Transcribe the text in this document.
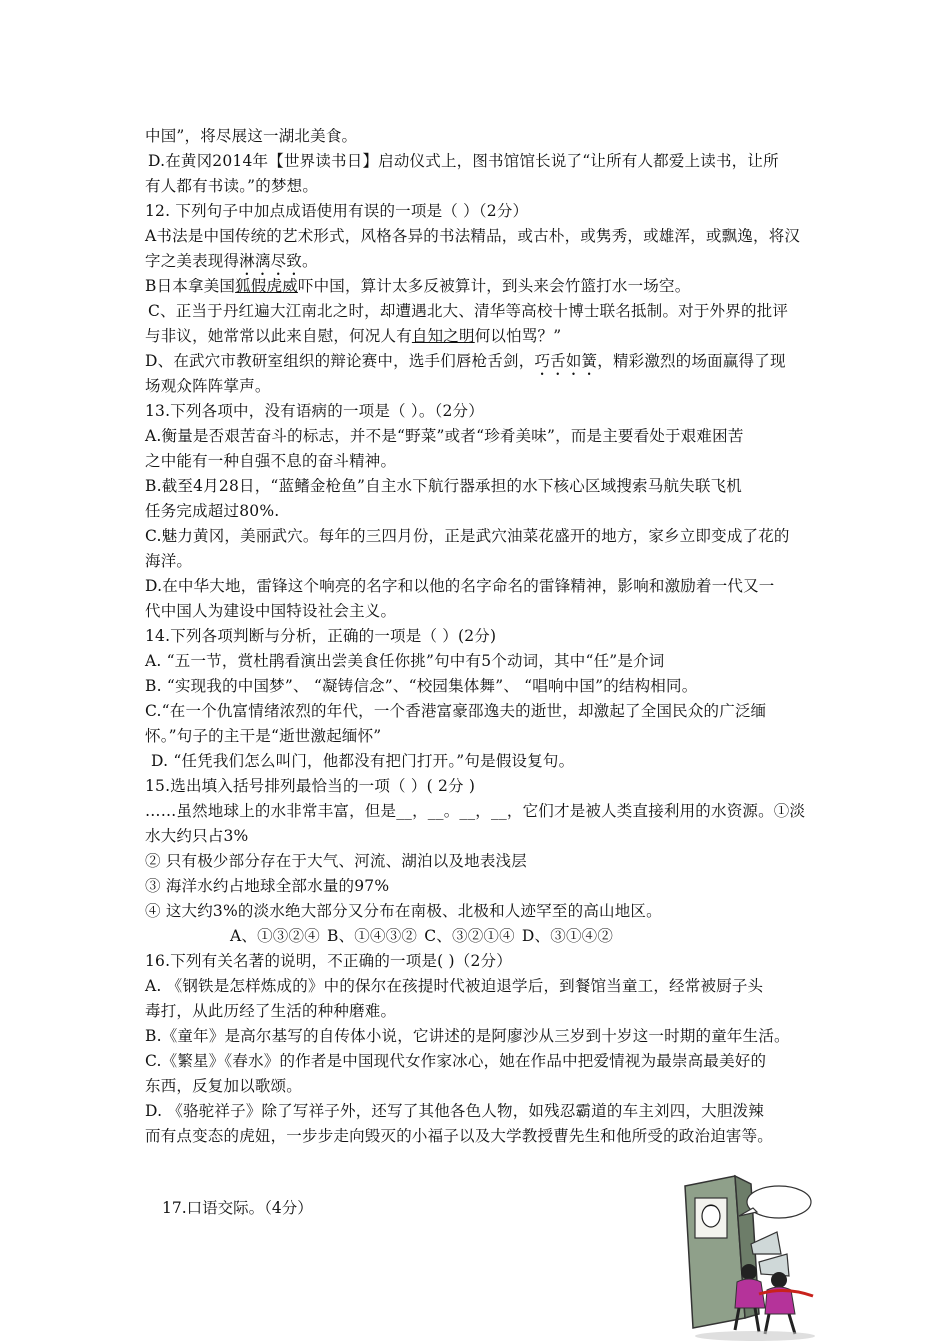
中国”，将尽展这一湖北美食。
D.在黄冈2014年【世界读书日】启动仪式上，图书馆馆长说了“让所有人都爱上读书，让所
有人都有书读。”的梦想。
12. 下列句子中加点成语使用有误的一项是（ ）（2分）
A书法是中国传统的艺术形式，风格各异的书法精品，或古朴，或隽秀，或雄浑，或飘逸，将汉
字之美表现得淋漓尽致。
B日本拿美国狐假虎威吓中国，算计太多反被算计，到头来会竹篮打水一场空。
C、正当于丹红遍大江南北之时，却遭遇北大、清华等高校十博士联名抵制。对于外界的批评
与非议，她常常以此来自慰，何况人有自知之明何以怕骂？”
D、在武穴市教研室组织的辩论赛中，选手们唇枪舌剑，巧舌如簧，精彩激烈的场面赢得了现
场观众阵阵掌声。
13.下列各项中，没有语病的一项是（ ）。（2分）
A.衡量是否艰苦奋斗的标志，并不是“野菜”或者“珍肴美味”，而是主要看处于艰难困苦
之中能有一种自强不息的奋斗精神。
B.截至4月28日，“蓝鳍金枪鱼”自主水下航行器承担的水下核心区域搜索马航失联飞机
任务完成超过80%.
C.魅力黄冈，美丽武穴。每年的三四月份，正是武穴油菜花盛开的地方，家乡立即变成了花的
海洋。
D.在中华大地，雷锋这个响亮的名字和以他的名字命名的雷锋精神，影响和激励着一代又一
代中国人为建设中国特设社会主义。
14.下列各项判断与分析，正确的一项是（ ）(2分)
A. “五一节，赏杜鹃看演出尝美食任你挑”句中有5个动词，其中“任”是介词
B. “实现我的中国梦”、 “凝铸信念”、“校园集体舞”、 “唱响中国”的结构相同。
C.“在一个仇富情绪浓烈的年代，一个香港富豪邵逸夫的逝世，却激起了全国民众的广泛缅
怀。”句子的主干是“逝世激起缅怀”
D. “任凭我们怎么叫门，他都没有把门打开。”句是假设复句。
15.选出填入括号排列最恰当的一项（ ）( 2分 )
……虽然地球上的水非常丰富，但是__，__。__，__，它们才是被人类直接利用的水资源。①淡
水大约只占3%
② 只有极少部分存在于大气、河流、湖泊以及地表浅层
③ 海洋水约占地球全部水量的97%
④ 这大约3%的淡水绝大部分又分布在南极、北极和人迹罕至的高山地区。
A、①③②④ B、①④③② C、③②①④ D、③①④②
16.下列有关名著的说明，不正确的一项是( )（2分）
A. 《钢铁是怎样炼成的》中的保尔在孩提时代被迫退学后，到餐馆当童工，经常被厨子头
毒打，从此历经了生活的种种磨难。
B.《童年》是高尔基写的自传体小说，它讲述的是阿廖沙从三岁到十岁这一时期的童年生活。
C.《繁星》《春水》的作者是中国现代女作家冰心，她在作品中把爱情视为最崇高最美好的
东西，反复加以歌颂。
D. 《骆驼祥子》除了写祥子外，还写了其他各色人物，如残忍霸道的车主刘四，大胆泼辣
而有点变态的虎妞，一步步走向毁灭的小福子以及大学教授曹先生和他所受的政治迫害等。
17.口语交际。（4分）
